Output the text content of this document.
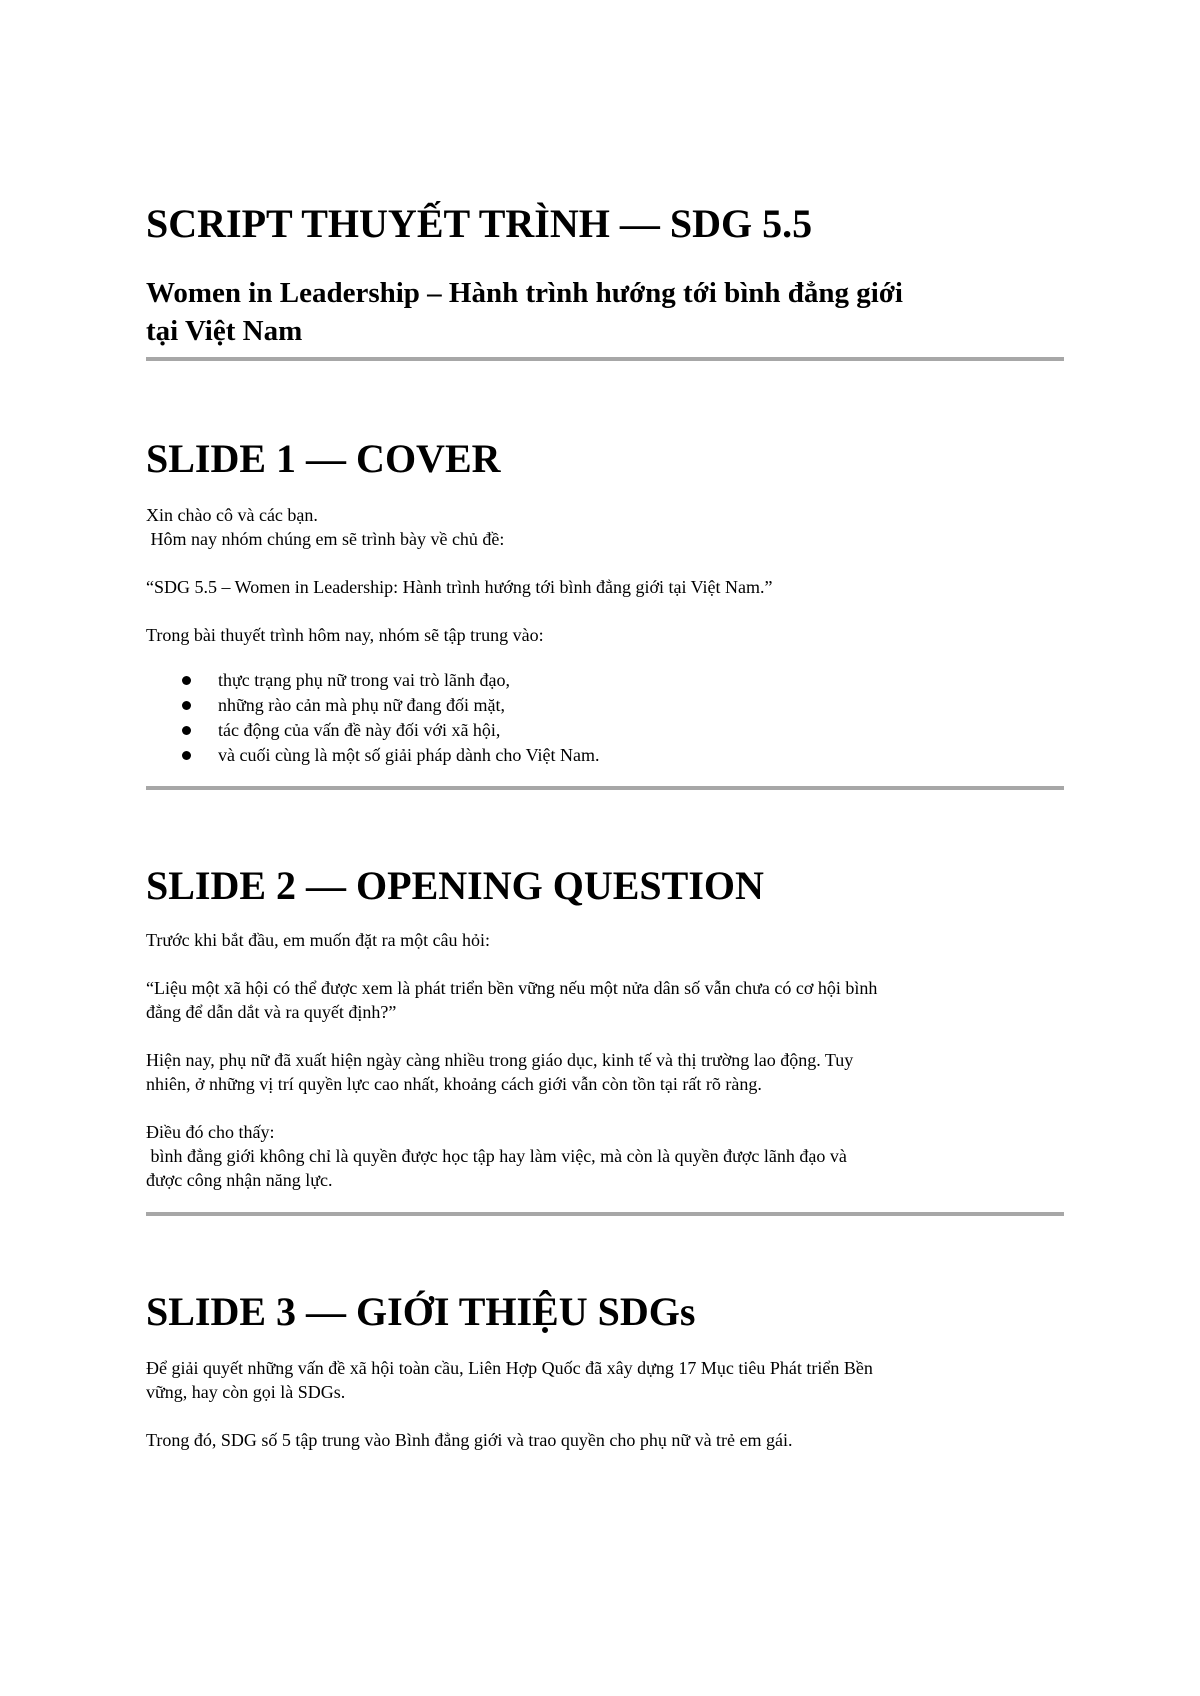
SCRIPT THUYẾT TRÌNH — SDG 5.5
Women in Leadership – Hành trình hướng tới bình đẳng giới
tại Việt Nam
SLIDE 1 — COVER

Xin chào cô và các bạn.
Hôm nay nhóm chúng em sẽ trình bày về chủ đề:

“SDG 5.5 – Women in Leadership: Hành trình hướng tới bình đẳng giới tại Việt Nam.”

Trong bài thuyết trình hôm nay, nhóm sẽ tập trung vào:

thực trạng phụ nữ trong vai trò lãnh đạo,
những rào cản mà phụ nữ đang đối mặt,
tác động của vấn đề này đối với xã hội,
và cuối cùng là một số giải pháp dành cho Việt Nam.
SLIDE 2 — OPENING QUESTION

Trước khi bắt đầu, em muốn đặt ra một câu hỏi:

“Liệu một xã hội có thể được xem là phát triển bền vững nếu một nửa dân số vẫn chưa có cơ hội bình
đẳng để dẫn dắt và ra quyết định?”

Hiện nay, phụ nữ đã xuất hiện ngày càng nhiều trong giáo dục, kinh tế và thị trường lao động. Tuy
nhiên, ở những vị trí quyền lực cao nhất, khoảng cách giới vẫn còn tồn tại rất rõ ràng.

Điều đó cho thấy:
bình đẳng giới không chỉ là quyền được học tập hay làm việc, mà còn là quyền được lãnh đạo và
được công nhận năng lực.

SLIDE 3 — GIỚI THIỆU SDGs

Để giải quyết những vấn đề xã hội toàn cầu, Liên Hợp Quốc đã xây dựng 17 Mục tiêu Phát triển Bền
vững, hay còn gọi là SDGs.

Trong đó, SDG số 5 tập trung vào Bình đẳng giới và trao quyền cho phụ nữ và trẻ em gái.
